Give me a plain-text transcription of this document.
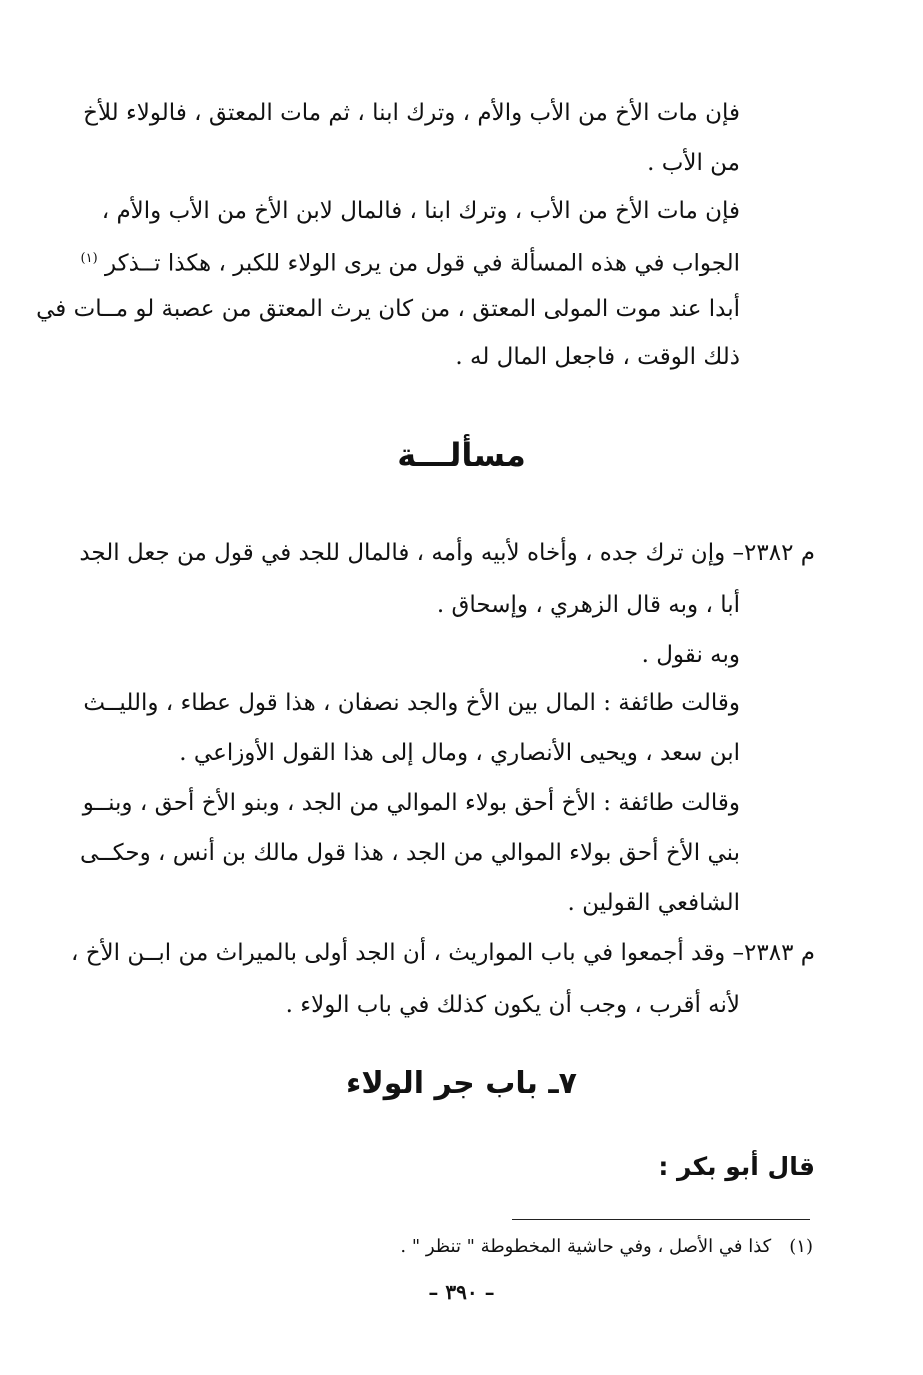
فإن مات الأخ من الأب والأم ، وترك ابنا ، ثم مات المعتق ، فالولاء للأخ
من الأب .
فإن مات الأخ من الأب ، وترك ابنا ، فالمال لابن الأخ من الأب والأم ،
الجواب في هذه المسألة في قول من يرى الولاء للكبر ، هكذا تــذكر $^{(١)}$
أبدا عند موت المولى المعتق ، من كان يرث المعتق من عصبة لو مــات في
ذلك الوقت ، فاجعل المال له .
مسألـــة
م ٢٣٨٢– وإن ترك جده ، وأخاه لأبيه وأمه ، فالمال للجد في قول من جعل الجد
أبا ، وبه قال الزهري ، وإسحاق .
وبه نقول .
وقالت طائفة : المال بين الأخ والجد نصفان ، هذا قول عطاء ، والليــث
ابن سعد ، ويحيى الأنصاري ، ومال إلى هذا القول الأوزاعي .
وقالت طائفة : الأخ أحق بولاء الموالي من الجد ، وبنو الأخ أحق ، وبنــو
بني الأخ أحق بولاء الموالي من الجد ، هذا قول مالك بن أنس ، وحكــى
الشافعي القولين .
م ٢٣٨٣– وقد أجمعوا في باب المواريث ، أن الجد أولى بالميراث من ابــن الأخ ،
لأنه أقرب ، وجب أن يكون كذلك في باب الولاء .
٧ـ باب جر الولاء
قال أبو بكر :
(١)كذا في الأصل ، وفي حاشية المخطوطة " تنظر " .
– ٣٩٠ –
